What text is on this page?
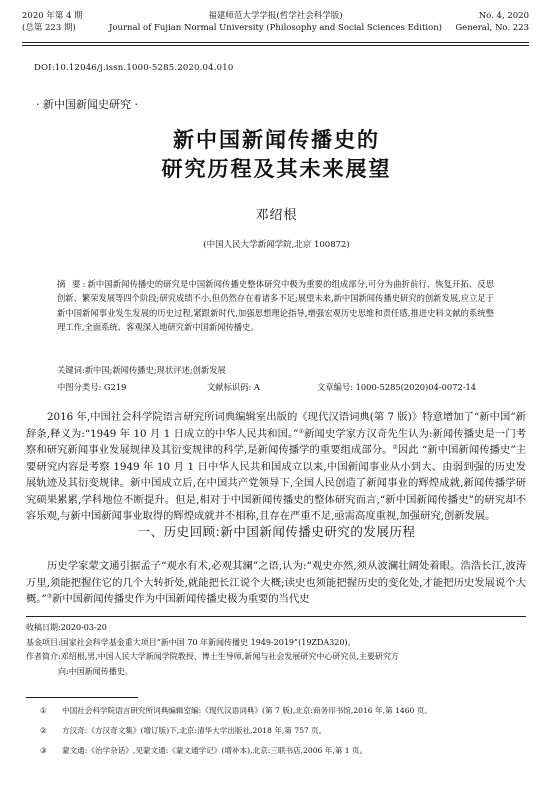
2020 年第 4 期
(总第 223 期)
福建师范大学学报(哲学社会科学版)
Journal of Fujian Normal University (Philosophy and Social Sciences Edition)
No. 4, 2020
General, No. 223
DOI:10.12046/j.issn.1000-5285.2020.04.010
· 新中国新闻史研究 ·
新中国新闻传播史的
研究历程及其未来展望
邓绍根
(中国人民大学新闻学院,北京 100872)
摘 要:新中国新闻传播史的研究是中国新闻传播史整体研究中极为重要的组成部分,可分为曲折前行、恢复开拓、反思创新、繁荣发展等四个阶段;研究成绩不小,但仍然存在着诸多不足;展望未来,新中国新闻传播史研究的创新发展,应立足于新中国新闻事业发生发展的历史过程,紧跟新时代,加强思想理论指导,增强宏观历史思维和责任感,推进史料文献的系统整理工作,全面系统、客观深入地研究新中国新闻传播史。
关键词:新中国;新闻传播史;现状评述;创新发展
中图分类号: G219	文献标识码: A	文章编号: 1000-5285(2020)04-0072-14
2016 年,中国社会科学院语言研究所词典编辑室出版的《现代汉语词典(第 7 版)》特意增加了“新中国”新辞条,释义为:“1949 年 10 月 1 日成立的中华人民共和国。”①新闻史学家方汉奇先生认为:新闻传播史是一门考察和研究新闻事业发展规律及其衍变规律的科学,是新闻传播学的重要组成部分。②因此 “新中国新闻传播史”主要研究内容是考察 1949 年 10 月 1 日中华人民共和国成立以来,中国新闻事业从小到大、由弱到强的历史发展轨迹及其衍变规律。新中国成立后,在中国共产党领导下,全国人民创造了新闻事业的辉煌成就,新闻传播学研究硕果累累,学科地位不断提升。但是,相对于中国新闻传播史的整体研究而言,“新中国新闻传播史”的研究却不容乐观,与新中国新闻事业取得的辉煌成就并不相称,且存在严重不足,亟需高度重视,加强研究,创新发展。
一、历史回顾:新中国新闻传播史研究的发展历程
历史学家蒙文通引据孟子“观水有术,必观其澜”之语,认为:“观史亦然,须从波澜壮阔处着眼。浩浩长江,波涛万里,须能把握住它的几个大转折处,就能把长江说个大概;读史也须能把握历史的变化处,才能把历史发展说个大概。”③新中国新闻传播史作为中国新闻传播史极为重要的当代史
收稿日期: 2020-03-20
基金项目: 国家社会科学基金重大项目“新中国 70 年新闻传播史 1949-2019”(19ZDA320)。
作者简介: 邓绍根,男,中国人民大学新闻学院教授、博士生导师,新闻与社会发展研究中心研究员,主要研究方
向:中国新闻传播史。
①	中国社会科学院语言研究所词典编辑室编:《现代汉语词典》(第 7 版),北京:商务印书馆,2016 年,第 1460 页。
②	方汉奇:《方汉奇文集》(增订版)下,北京:清华大学出版社,2018 年,第 757 页。
③	蒙文通:《治学杂话》,见蒙文通:《蒙文通学记》(增补本),北京:三联书店,2006 年,第 1 页。
